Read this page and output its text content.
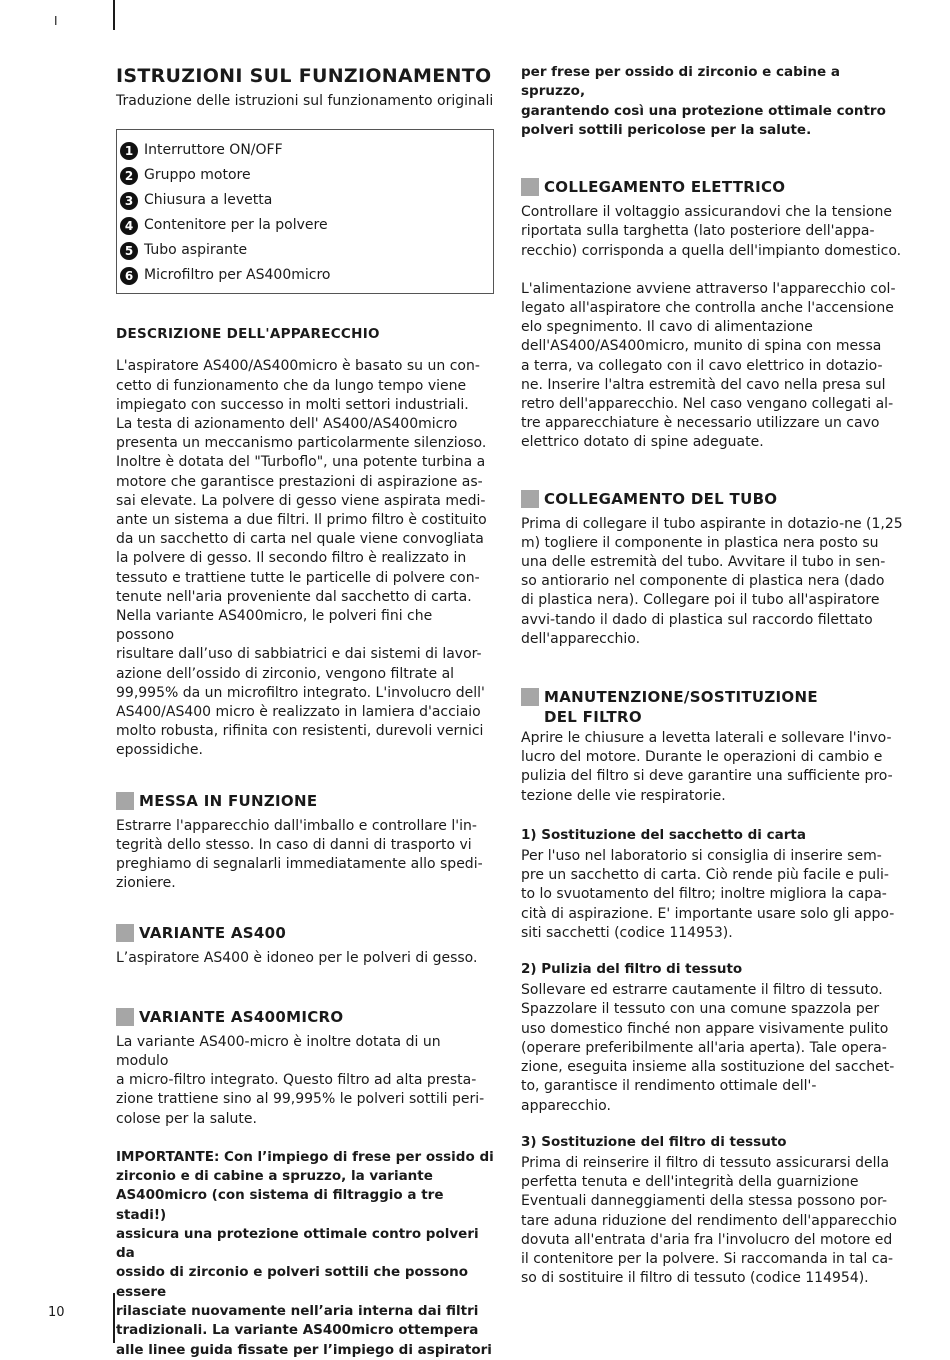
I
10
ISTRUZIONI SUL FUNZIONAMENTO

Traduzione delle istruzioni sul funzionamento originali

1 Interruttore ON/OFF
2 Gruppo motore
3 Chiusura a levetta
4 Contenitore per la polvere
5 Tubo aspirante
6 Microfiltro per AS400micro
DESCRIZIONE DELL'APPARECCHIO
L'aspiratore AS400/AS400micro è basato su un con-
cetto di funzionamento che da lungo tempo viene
impiegato con successo in molti settori industriali.
La testa di azionamento dell' AS400/AS400micro
presenta un meccanismo particolarmente silenzioso.
Inoltre è dotata del "Turboflo", una potente turbina a
motore che garantisce prestazioni di aspirazione as-
sai elevate. La polvere di gesso viene aspirata medi-
ante un sistema a due filtri. Il primo filtro è costituito
da un sacchetto di carta nel quale viene convogliata
la polvere di gesso. Il secondo filtro è realizzato in
tessuto e trattiene tutte le particelle di polvere con-
tenute nell'aria proveniente dal sacchetto di carta.
Nella variante AS400micro, le polveri fini che possono
risultare dall’uso di sabbiatrici e dai sistemi di lavor-
azione dell’ossido di zirconio, vengono filtrate al
99,995% da un microfiltro integrato. L'involucro dell'
AS400/AS400 micro è realizzato in lamiera d'acciaio
molto robusta, rifinita con resistenti, durevoli vernici
epossidiche.
MESSA IN FUNZIONE
Estrarre l'apparecchio dall'imballo e controllare l'in-
tegrità dello stesso. In caso di danni di trasporto vi
preghiamo di segnalarli immediatamente allo spedi-
zioniere.
VARIANTE AS400
L’aspiratore AS400 è idoneo per le polveri di gesso.
VARIANTE AS400MICRO
La variante AS400-micro è inoltre dotata di un modulo
a micro-filtro integrato. Questo filtro ad alta presta-
zione trattiene sino al 99,995% le polveri sottili peri-
colose per la salute.
IMPORTANTE: Con l’impiego di frese per ossido di
zirconio e di cabine a spruzzo, la variante
AS400micro (con sistema di filtraggio a tre stadi!)
assicura una protezione ottimale contro polveri da
ossido di zirconio e polveri sottili che possono essere
rilasciate nuovamente nell’aria interna dai filtri
tradizionali. La variante AS400micro ottempera
alle linee guida fissate per l’impiego di aspiratori
per frese per ossido di zirconio e cabine a spruzzo,
garantendo così una protezione ottimale contro
polveri sottili pericolose per la salute.
COLLEGAMENTO ELETTRICO
Controllare il voltaggio assicurandovi che la tensione
riportata sulla targhetta (lato posteriore dell'appa-
recchio) corrisponda a quella dell'impianto domestico.
L'alimentazione avviene attraverso l'apparecchio col-
legato all'aspiratore che controlla anche l'accensione
elo spegnimento. Il cavo di alimentazione
dell'AS400/AS400micro, munito di spina con messa
a terra, va collegato con il cavo elettrico in dotazio-
ne. Inserire l'altra estremità del cavo nella presa sul
retro dell'apparecchio. Nel caso vengano collegati al-
tre apparecchiature è necessario utilizzare un cavo
elettrico dotato di spine adeguate.
COLLEGAMENTO DEL TUBO
Prima di collegare il tubo aspirante in dotazio-ne (1,25
m) togliere il componente in plastica nera posto su
una delle estremità del tubo. Avvitare il tubo in sen-
so antiorario nel componente di plastica nera (dado
di plastica nera). Collegare poi il tubo all'aspiratore
avvi-tando il dado di plastica sul raccordo filettato
dell'apparecchio.
MANUTENZIONE/SOSTITUZIONE
DEL FILTRO
Aprire le chiusure a levetta laterali e sollevare l'invo-
lucro del motore. Durante le operazioni di cambio e
pulizia del filtro si deve garantire una sufficiente pro-
tezione delle vie respiratorie.
1) Sostituzione del sacchetto di carta
Per l'uso nel laboratorio si consiglia di inserire sem-
pre un sacchetto di carta. Ciò rende più facile e puli-
to lo svuotamento del filtro; inoltre migliora la capa-
cità di aspirazione. E' importante usare solo gli appo-
siti sacchetti (codice 114953).
2) Pulizia del filtro di tessuto
Sollevare ed estrarre cautamente il filtro di tessuto.
Spazzolare il tessuto con una comune spazzola per
uso domestico finché non appare visivamente pulito
(operare preferibilmente all'aria aperta). Tale opera-
zione, eseguita insieme alla sostituzione del sacchet-
to, garantisce il rendimento ottimale dell'-apparecchio.
3) Sostituzione del filtro di tessuto
Prima di reinserire il filtro di tessuto assicurarsi della
perfetta tenuta e dell'integrità della guarnizione
Eventuali danneggiamenti della stessa possono por-
tare aduna riduzione del rendimento dell'apparecchio
dovuta all'entrata d'aria fra l'involucro del motore ed
il contenitore per la polvere. Si raccomanda in tal ca-
so di sostituire il filtro di tessuto (codice 114954).
